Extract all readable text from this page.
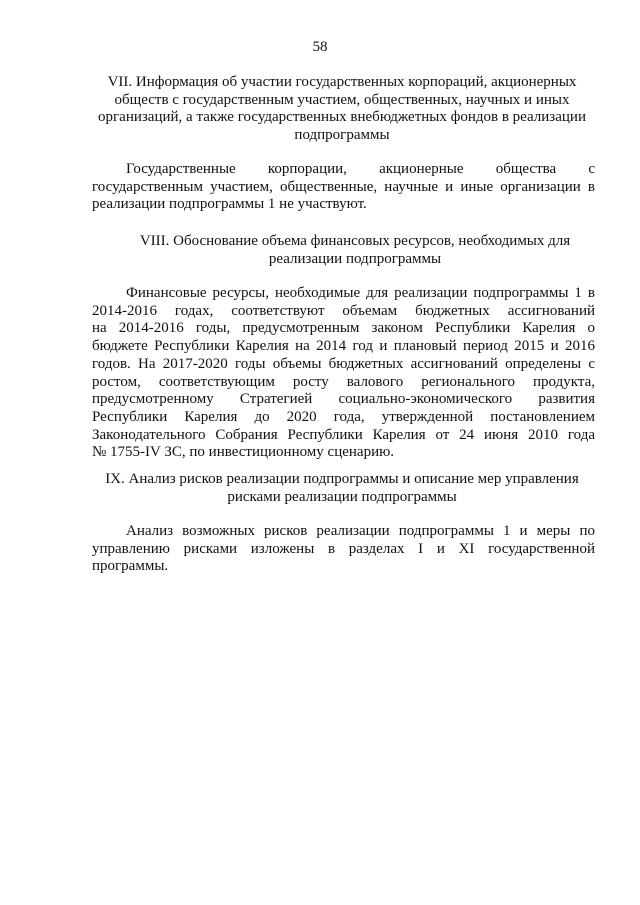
58
VII. Информация об участии государственных корпораций, акционерных
обществ с государственным участием, общественных, научных и иных
организаций, а также государственных внебюджетных фондов в реализации
подпрограммы
Государственные корпорации, акционерные общества с
государственным участием, общественные, научные и иные организации в
реализации подпрограммы 1 не участвуют.
VIII. Обоснование объема финансовых ресурсов, необходимых для
реализации подпрограммы
Финансовые ресурсы, необходимые для реализации подпрограммы 1 в
2014-2016 годах, соответствуют объемам бюджетных ассигнований
на 2014-2016 годы, предусмотренным законом Республики Карелия о
бюджете Республики Карелия на 2014 год и плановый период 2015 и 2016
годов. На 2017-2020 годы объемы бюджетных ассигнований определены с
ростом, соответствующим росту валового регионального продукта,
предусмотренному Стратегией социально-экономического развития
Республики Карелия до 2020 года, утвержденной постановлением
Законодательного Собрания Республики Карелия от 24 июня 2010 года
№ 1755-IV ЗС, по инвестиционному сценарию.
IX. Анализ рисков реализации подпрограммы и описание мер управления
рисками реализации подпрограммы
Анализ возможных рисков реализации подпрограммы 1 и меры по
управлению рисками изложены в разделах I и XI государственной
программы.
